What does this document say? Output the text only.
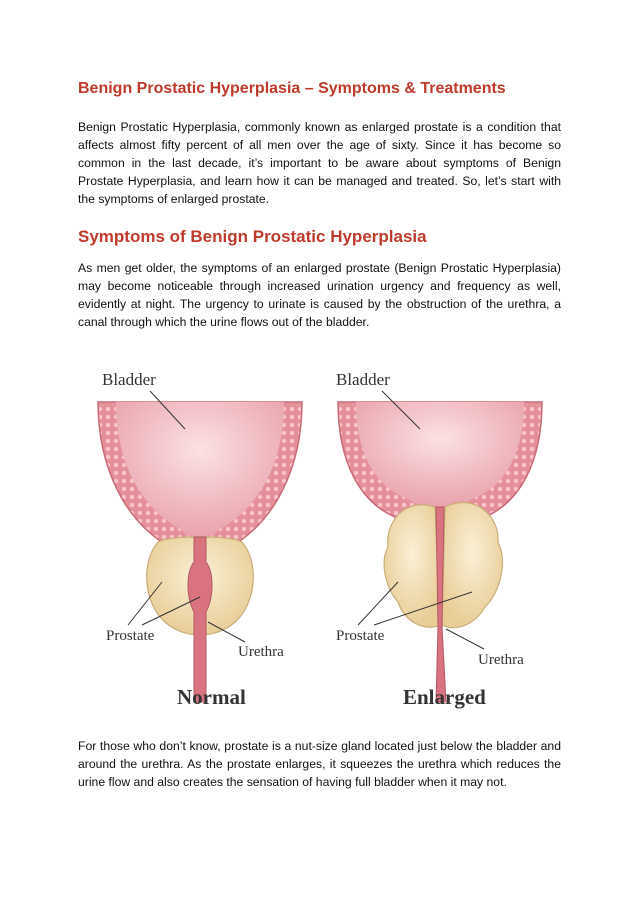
Benign Prostatic Hyperplasia – Symptoms & Treatments

Benign Prostatic Hyperplasia, commonly known as enlarged prostate is a condition that affects almost fifty percent of all men over the age of sixty. Since it has become so common in the last decade, it’s important to be aware about symptoms of Benign Prostate Hyperplasia, and learn how it can be managed and treated. So, let’s start with the symptoms of enlarged prostate.

Symptoms of Benign Prostatic Hyperplasia

As men get older, the symptoms of an enlarged prostate (Benign Prostatic Hyperplasia) may become noticeable through increased urination urgency and frequency as well, evidently at night. The urgency to urinate is caused by the obstruction of the urethra, a canal through which the urine flows out of the bladder.

Bladder
Prostate
Urethra
Normal
Bladder
Prostate
Urethra
Enlarged

For those who don’t know, prostate is a nut-size gland located just below the bladder and around the urethra. As the prostate enlarges, it squeezes the urethra which reduces the urine flow and also creates the sensation of having full bladder when it may not.
